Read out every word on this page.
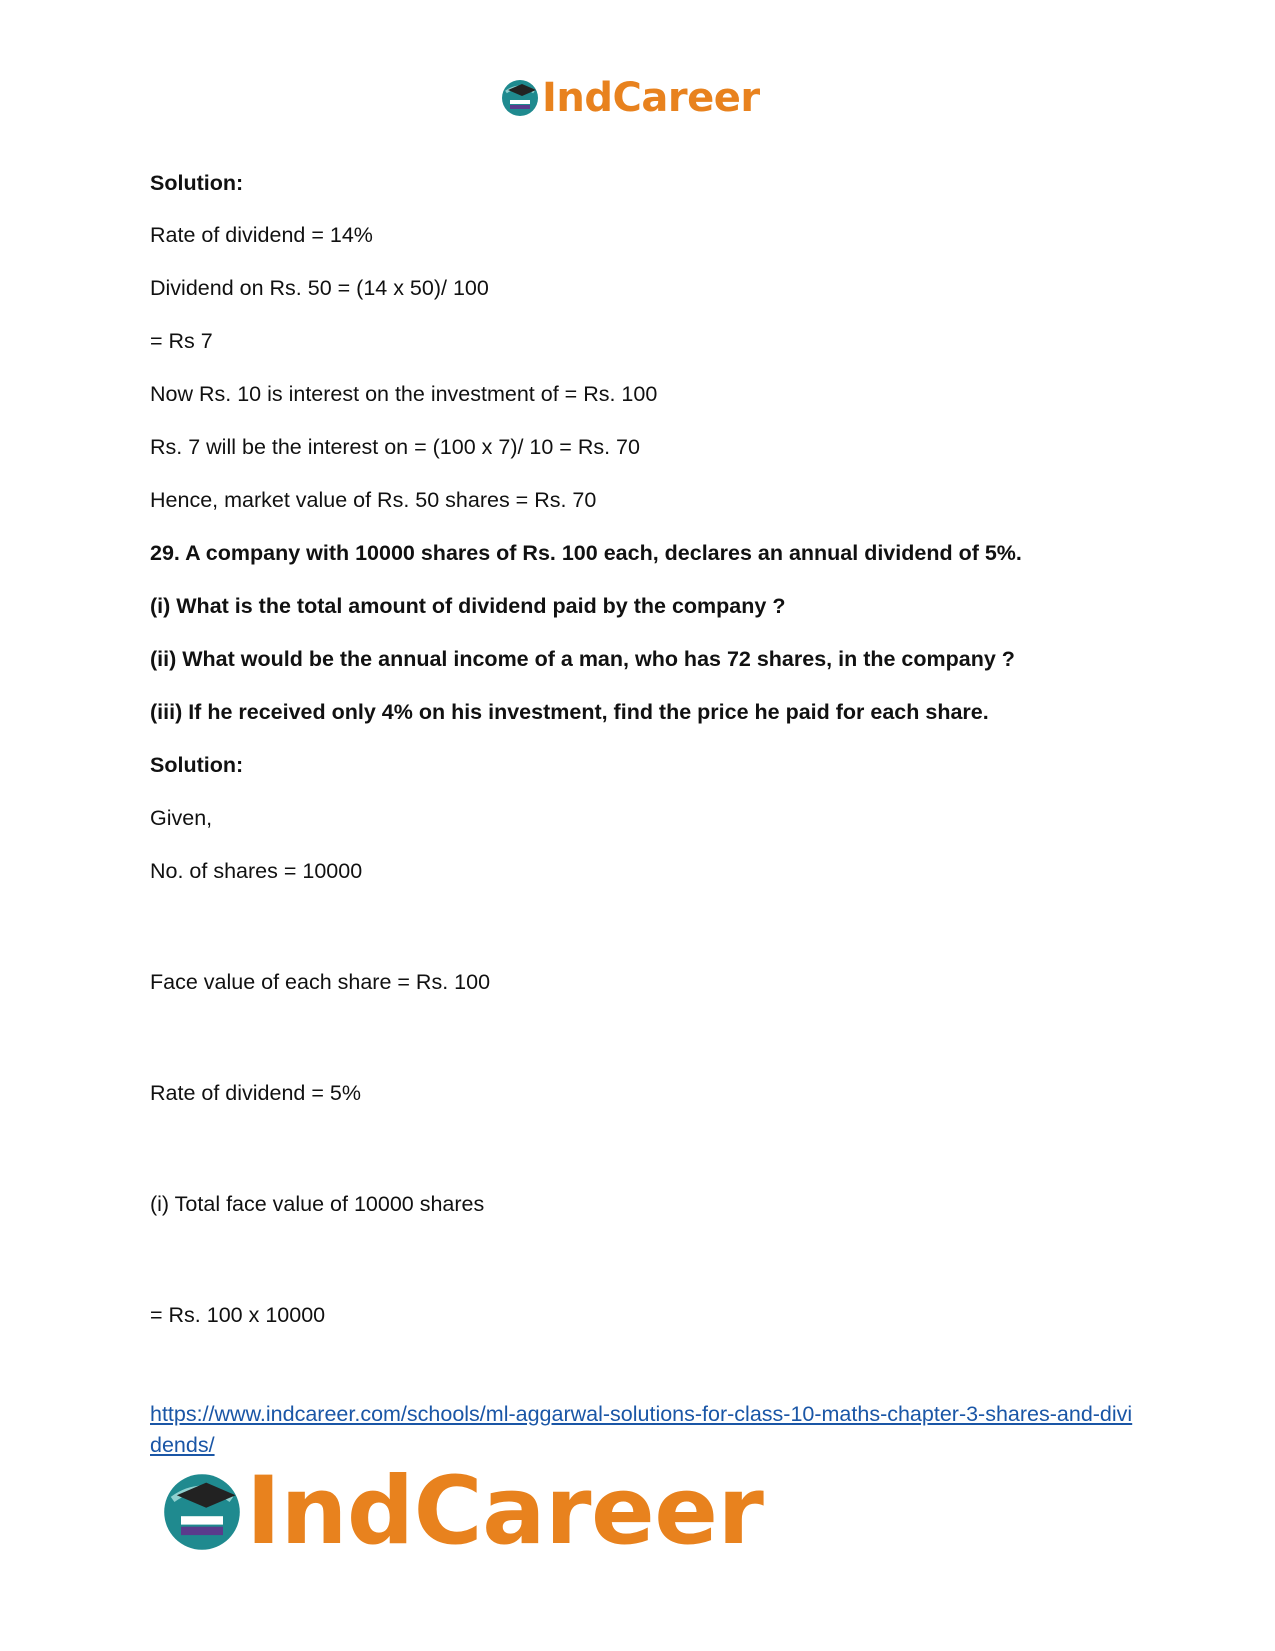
IndCareer
Solution:
Rate of dividend = 14%
Dividend on Rs. 50 = (14 x 50)/ 100
= Rs 7
Now Rs. 10 is interest on the investment of = Rs. 100
Rs. 7 will be the interest on = (100 x 7)/ 10 = Rs. 70
Hence, market value of Rs. 50 shares = Rs. 70
29. A company with 10000 shares of Rs. 100 each, declares an annual dividend of 5%.
(i) What is the total amount of dividend paid by the company ?
(ii) What would be the annual income of a man, who has 72 shares, in the company ?
(iii) If he received only 4% on his investment, find the price he paid for each share.
Solution:
Given,
No. of shares = 10000
Face value of each share = Rs. 100
Rate of dividend = 5%
(i) Total face value of 10000 shares
= Rs. 100 x 10000
https://www.indcareer.com/schools/ml-aggarwal-solutions-for-class-10-maths-chapter-3-shares-and-dividends/
IndCareer
